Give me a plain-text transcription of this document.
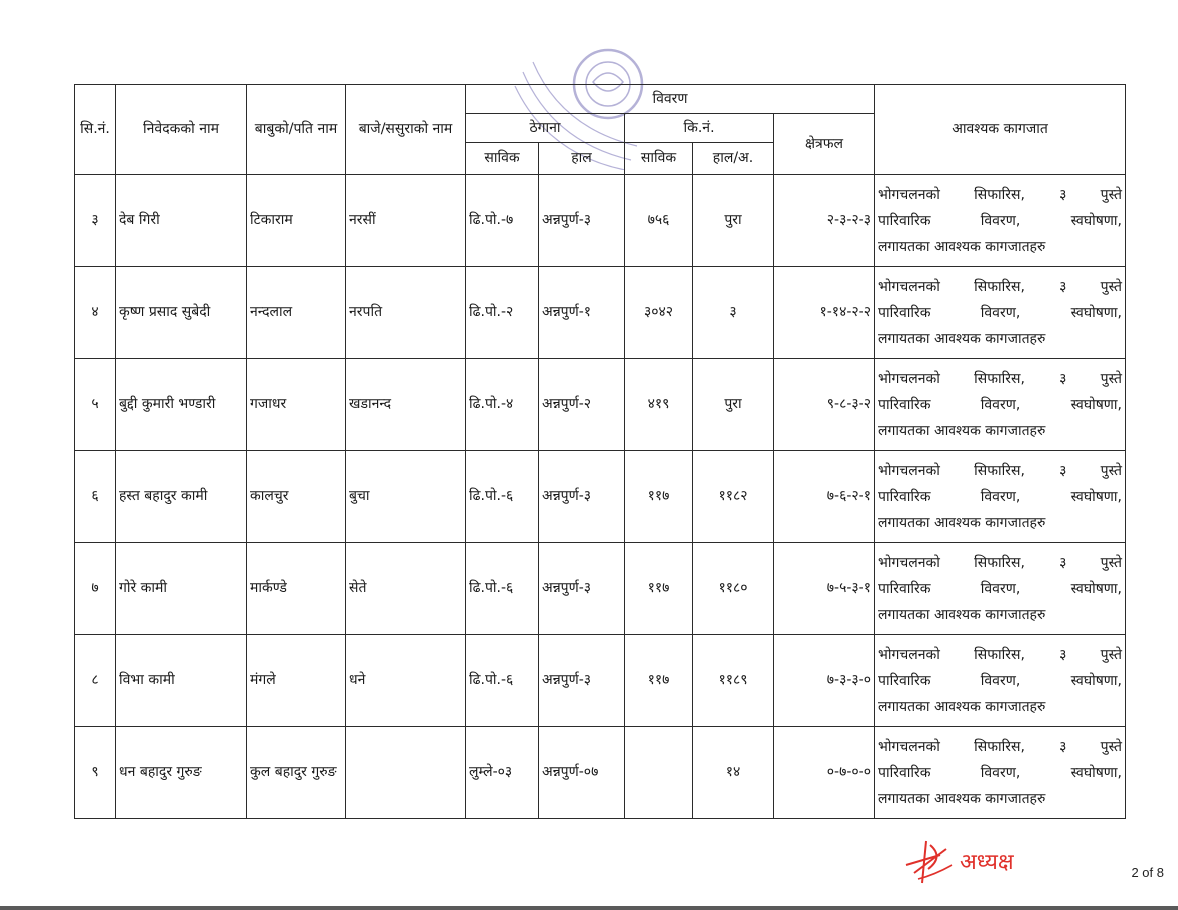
सि.नं.	निवेदकको नाम	बाबुको/पति नाम	बाजे/ससुराको नाम	विवरण					आवश्यक कागजात
				ठेगाना		कि.नं.		क्षेत्रफल	
				साविक	हाल	साविक	हाल/अ.		
३	देब गिरी	टिकाराम	नरसीं	ढि.पो.-७	अन्नपुर्ण-३	७५६	पुरा	२-३-२-३	भोगचलनको सिफारिस, ३ पुस्ते
पारिवारिक विवरण, स्वघोषणा,
लगायतका आवश्यक कागजातहरु

४	कृष्ण प्रसाद सुबेदी	नन्दलाल	नरपति	ढि.पो.-२	अन्नपुर्ण-१	३०४२	३	१-१४-२-२	भोगचलनको सिफारिस, ३ पुस्ते
पारिवारिक विवरण, स्वघोषणा,
लगायतका आवश्यक कागजातहरु

५	बुद्दी कुमारी भण्डारी	गजाधर	खडानन्द	ढि.पो.-४	अन्नपुर्ण-२	४१९	पुरा	९-८-३-२	भोगचलनको सिफारिस, ३ पुस्ते
पारिवारिक विवरण, स्वघोषणा,
लगायतका आवश्यक कागजातहरु

६	हस्त बहादुर कामी	कालचुर	बुचा	ढि.पो.-६	अन्नपुर्ण-३	११७	११८२	७-६-२-१	भोगचलनको सिफारिस, ३ पुस्ते
पारिवारिक विवरण, स्वघोषणा,
लगायतका आवश्यक कागजातहरु

७	गोरे कामी	मार्कण्डे	सेते	ढि.पो.-६	अन्नपुर्ण-३	११७	११८०	७-५-३-१	भोगचलनको सिफारिस, ३ पुस्ते
पारिवारिक विवरण, स्वघोषणा,
लगायतका आवश्यक कागजातहरु

८	विभा कामी	मंगले	धने	ढि.पो.-६	अन्नपुर्ण-३	११७	११८९	७-३-३-०	भोगचलनको सिफारिस, ३ पुस्ते
पारिवारिक विवरण, स्वघोषणा,
लगायतका आवश्यक कागजातहरु

९	धन बहादुर गुरुङ	कुल बहादुर गुरुङ		लुम्ले-०३	अन्नपुर्ण-०७		१४	०-७-०-०	भोगचलनको सिफारिस, ३ पुस्ते
पारिवारिक विवरण, स्वघोषणा,
लगायतका आवश्यक कागजातहरु
अध्यक्ष	2 of 8
